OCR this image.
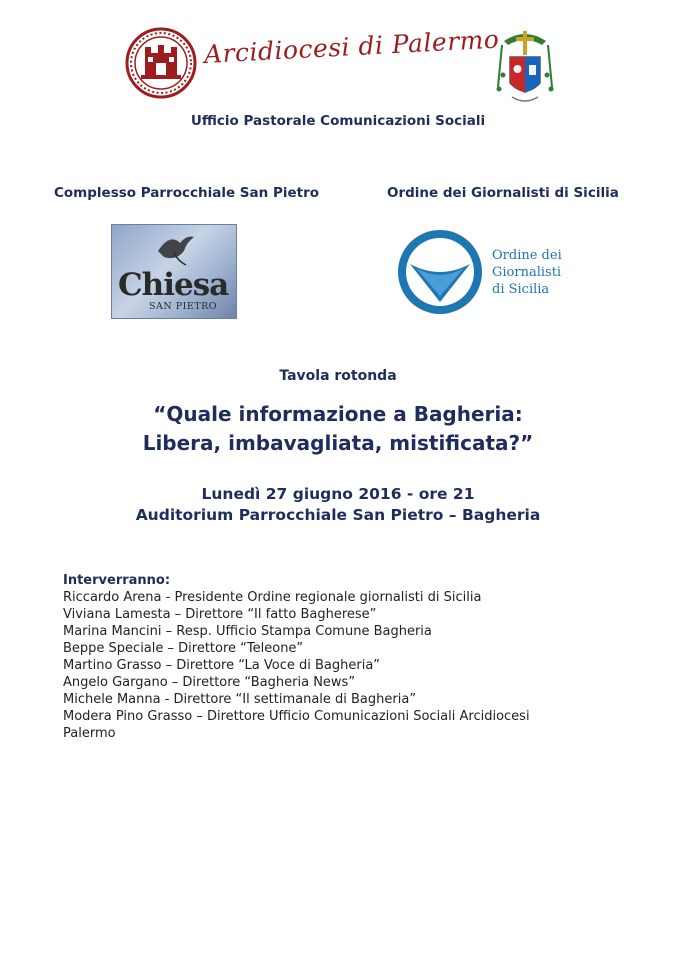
Arcidiocesi di Palermo
Ufficio Pastorale Comunicazioni Sociali
Complesso Parrocchiale San Pietro	Ordine dei Giornalisti di Sicilia
Chiesa
SAN PIETRO
Ordine dei
Giornalisti
di Sicilia
Tavola rotonda
“Quale informazione a Bagheria:
Libera, imbavagliata, mistificata?”
Lunedì 27 giugno 2016 - ore 21
Auditorium Parrocchiale San Pietro – Bagheria
Interverranno:
Riccardo Arena - Presidente Ordine regionale giornalisti di Sicilia
Viviana Lamesta – Direttore “Il fatto Bagherese”
Marina Mancini – Resp. Ufficio Stampa Comune Bagheria
Beppe Speciale – Direttore “Teleone”
Martino Grasso – Direttore “La Voce di Bagheria”
Angelo Gargano – Direttore “Bagheria News”
Michele Manna - Direttore “Il settimanale di Bagheria”
Modera Pino Grasso – Direttore Ufficio Comunicazioni Sociali Arcidiocesi
Palermo
